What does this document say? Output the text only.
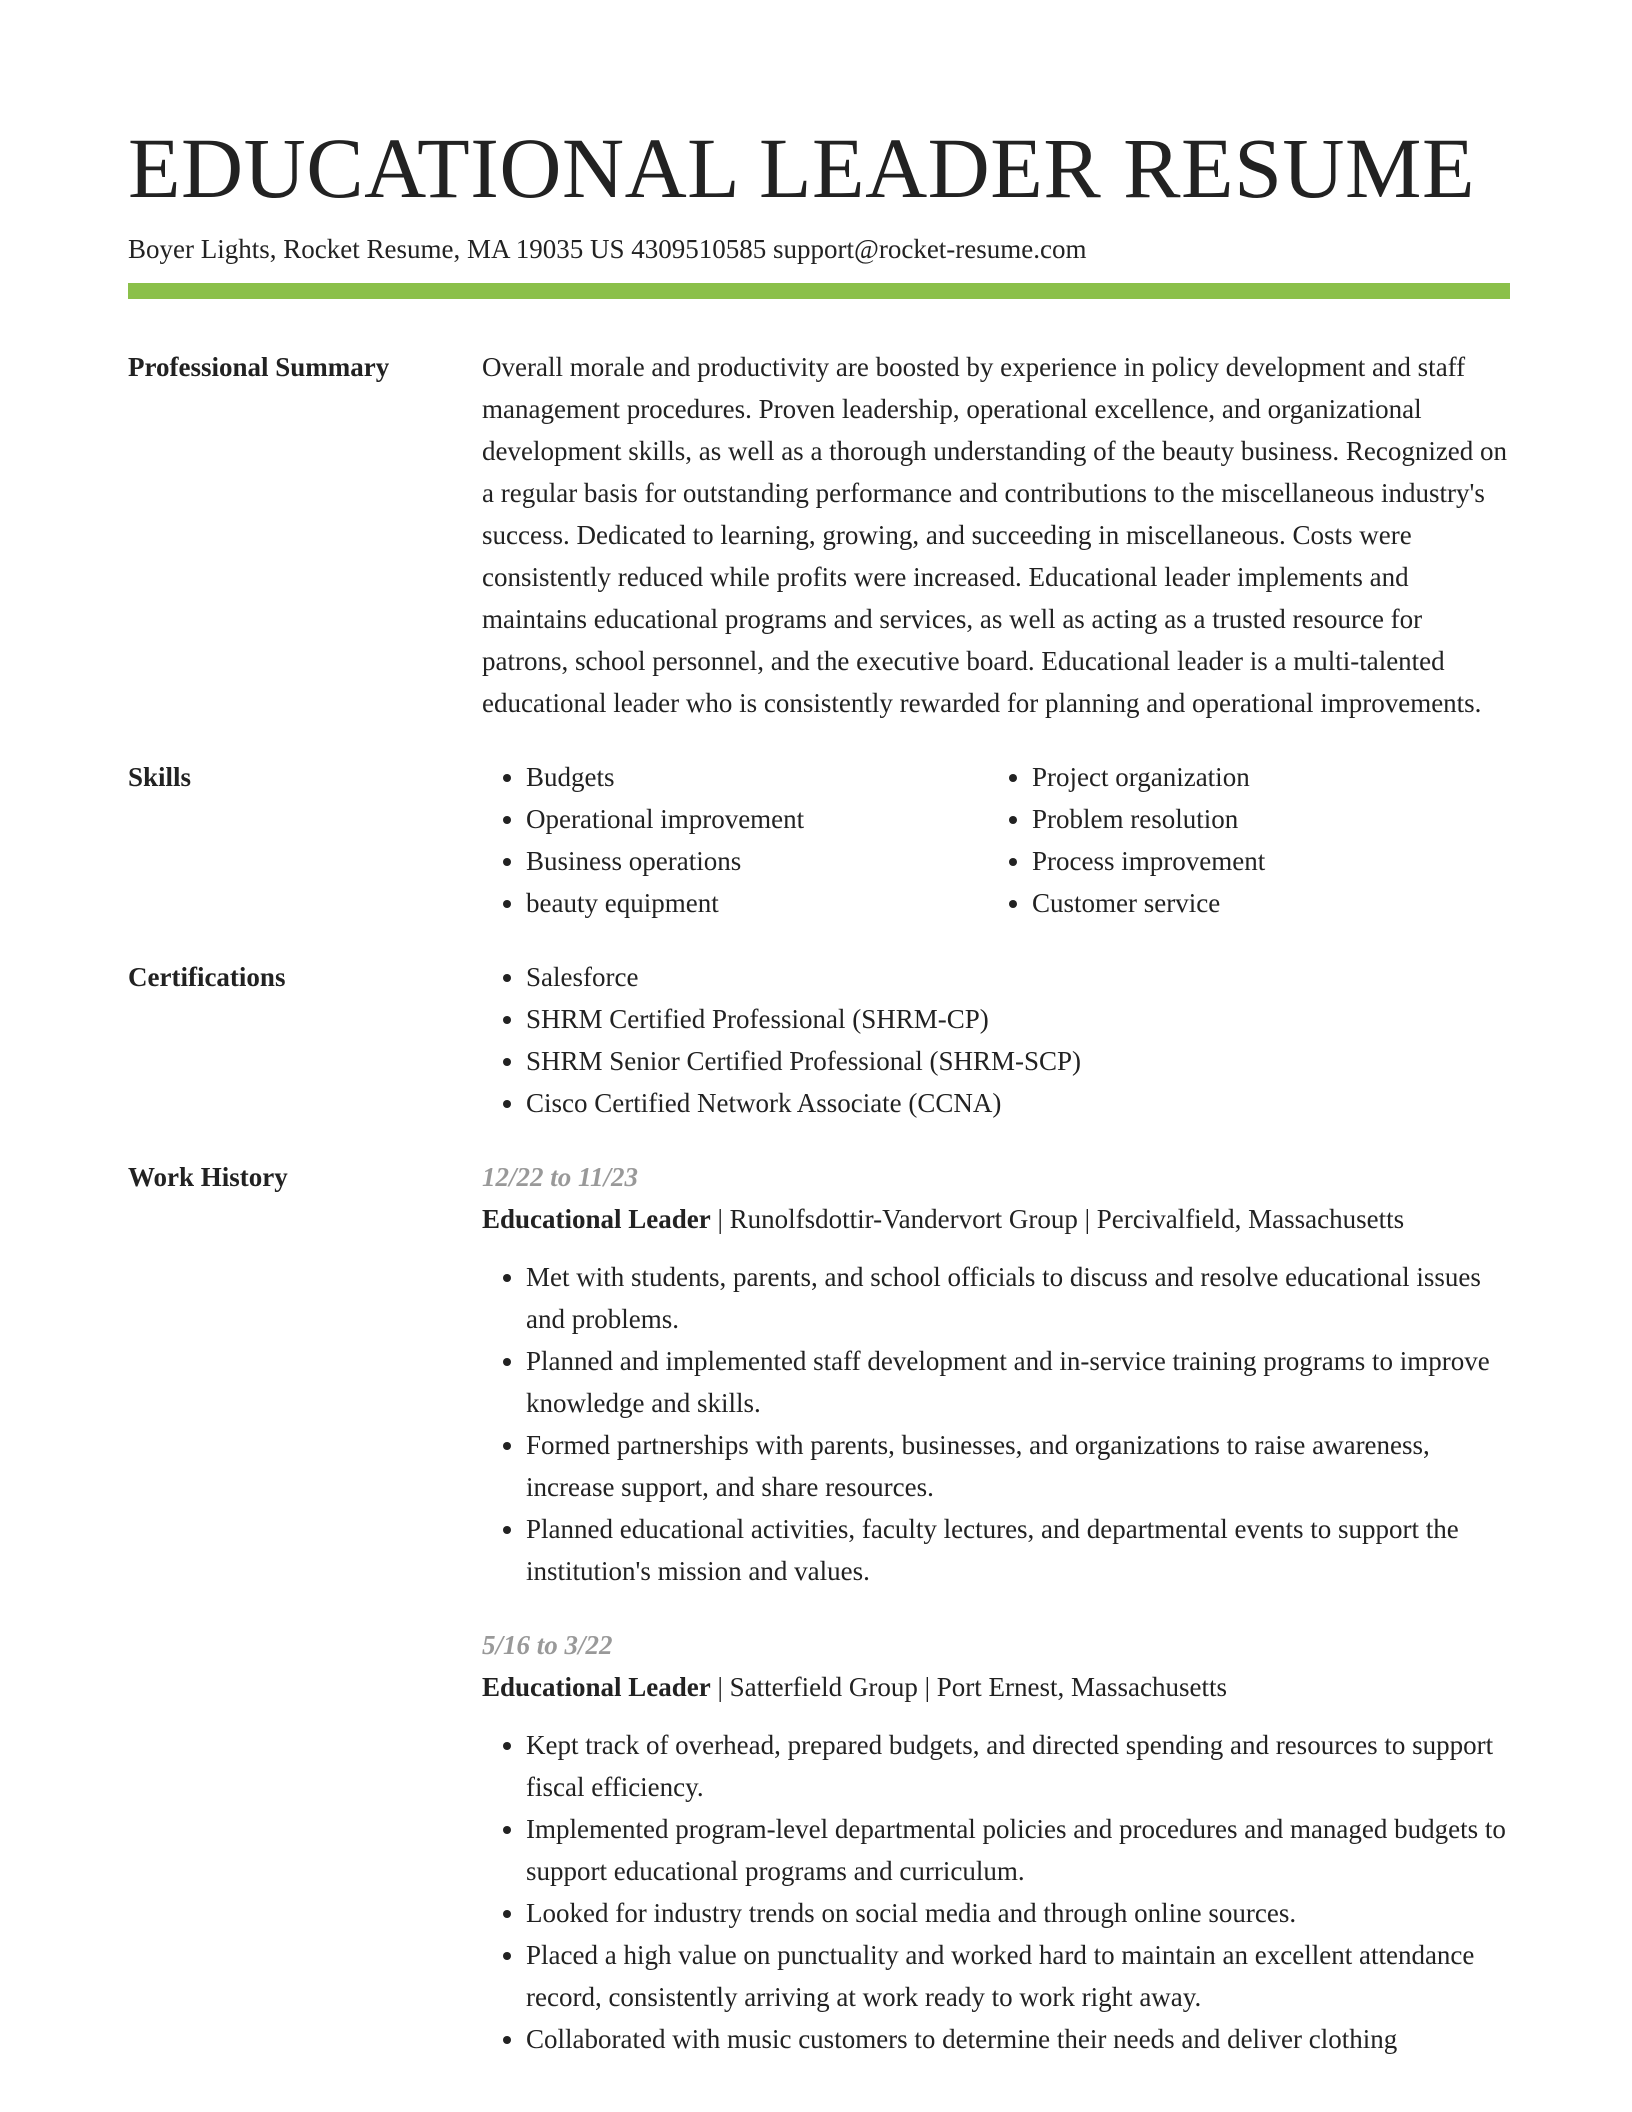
EDUCATIONAL LEADER RESUME
Boyer Lights, Rocket Resume, MA 19035 US 4309510585 support@rocket-resume.com
Professional Summary	Overall morale and productivity are boosted by experience in policy development and staff management procedures. Proven leadership, operational excellence, and organizational development skills, as well as a thorough understanding of the beauty business. Recognized on a regular basis for outstanding performance and contributions to the miscellaneous industry's success. Dedicated to learning, growing, and succeeding in miscellaneous. Costs were consistently reduced while profits were increased. Educational leader implements and maintains educational programs and services, as well as acting as a trusted resource for patrons, school personnel, and the executive board. Educational leader is a multi-talented educational leader who is consistently rewarded for planning and operational improvements.
Skills	• Budgets
• Operational improvement
• Business operations
• beauty equipment
• Project organization
• Problem resolution
• Process improvement
• Customer service
Certifications	• Salesforce
• SHRM Certified Professional (SHRM-CP)
• SHRM Senior Certified Professional (SHRM-SCP)
• Cisco Certified Network Associate (CCNA)
Work History	12/22 to 11/23
Educational Leader | Runolfsdottir-Vandervort Group | Percivalfield, Massachusetts
• Met with students, parents, and school officials to discuss and resolve educational issues and problems.
• Planned and implemented staff development and in-service training programs to improve knowledge and skills.
• Formed partnerships with parents, businesses, and organizations to raise awareness, increase support, and share resources.
• Planned educational activities, faculty lectures, and departmental events to support the institution's mission and values.
5/16 to 3/22
Educational Leader | Satterfield Group | Port Ernest, Massachusetts
• Kept track of overhead, prepared budgets, and directed spending and resources to support fiscal efficiency.
• Implemented program-level departmental policies and procedures and managed budgets to support educational programs and curriculum.
• Looked for industry trends on social media and through online sources.
• Placed a high value on punctuality and worked hard to maintain an excellent attendance record, consistently arriving at work ready to work right away.
• Collaborated with music customers to determine their needs and deliver clothing
